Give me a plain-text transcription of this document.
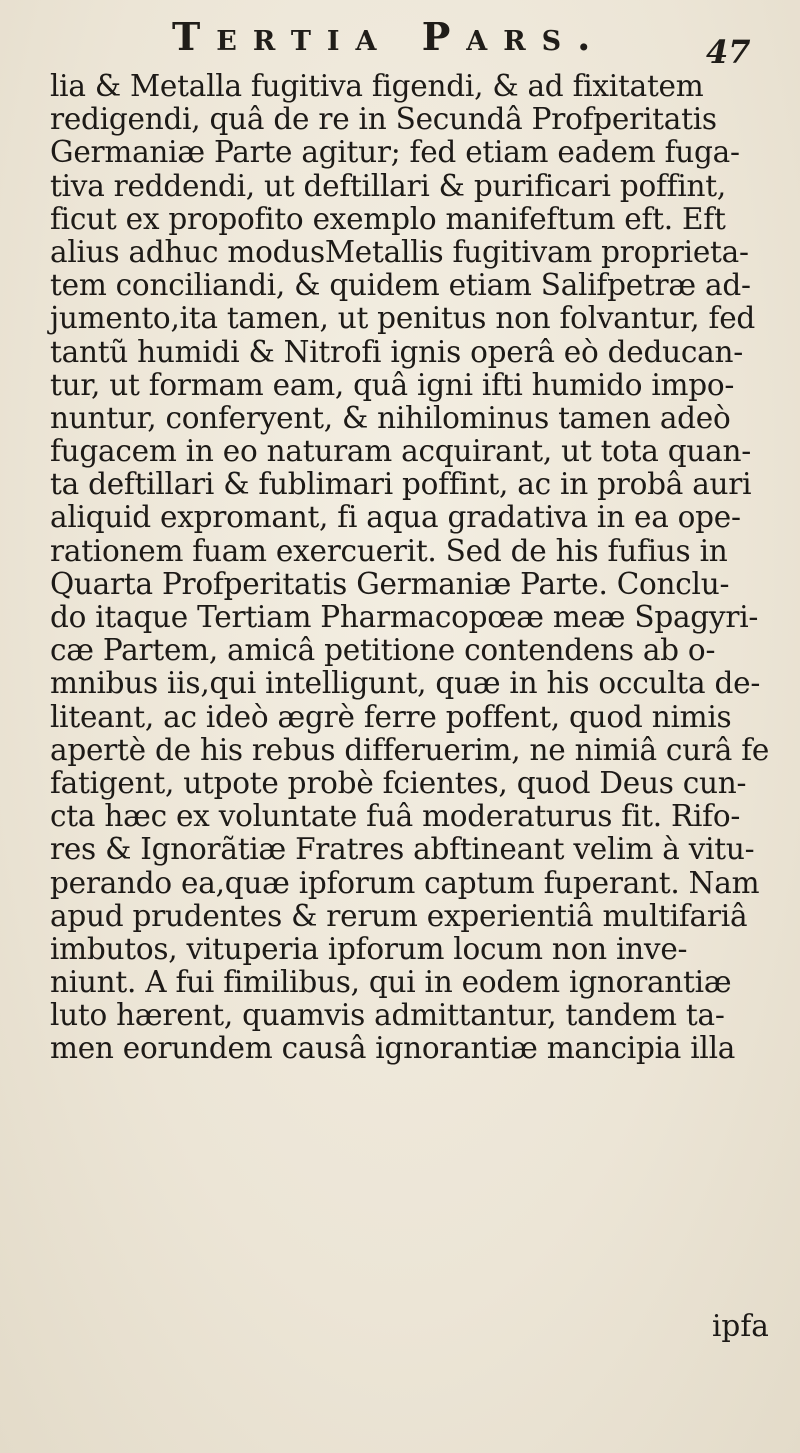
Tertia Pars.	47
lia & Metalla fugitiva figendi, & ad fixitatem
redigendi, quâ de re in Secundâ Profperitatis
Germaniæ Parte agitur; fed etiam eadem fuga-
tiva reddendi, ut deftillari & purificari poffint,
ficut ex propofito exemplo manifeftum eft. Eft
alius adhuc modusMetallis fugitivam proprieta-
tem conciliandi, & quidem etiam Salifpetræ ad-
jumento,ita tamen, ut penitus non folvantur, fed
tantũ humidi & Nitrofi ignis operâ eò deducan-
tur, ut formam eam, quâ igni ifti humido impo-
nuntur, conferyent, & nihilominus tamen adeò
fugacem in eo naturam acquirant, ut tota quan-
ta deftillari & fublimari poffint, ac in probâ auri
aliquid expromant, fi aqua gradativa in ea ope-
rationem fuam exercuerit. Sed de his fufius in
Quarta Profperitatis Germaniæ Parte. Conclu-
do itaque Tertiam Pharmacopœæ meæ Spagyri-
cæ Partem, amicâ petitione contendens ab o-
mnibus iis,qui intelligunt, quæ in his occulta de-
liteant, ac ideò ægrè ferre poffent, quod nimis
apertè de his rebus differuerim, ne nimiâ curâ fe
fatigent, utpote probè fcientes, quod Deus cun-
cta hæc ex voluntate fuâ moderaturus fit. Rifo-
res & Ignorãtiæ Fratres abftineant velim à vitu-
perando ea,quæ ipforum captum fuperant. Nam
apud prudentes & rerum experientiâ multifariâ
imbutos, vituperia ipforum locum non inve-
niunt. A fui fimilibus, qui in eodem ignorantiæ
luto hærent, quamvis admittantur, tandem ta-
men eorundem causâ ignorantiæ mancipia illa
ipfa
